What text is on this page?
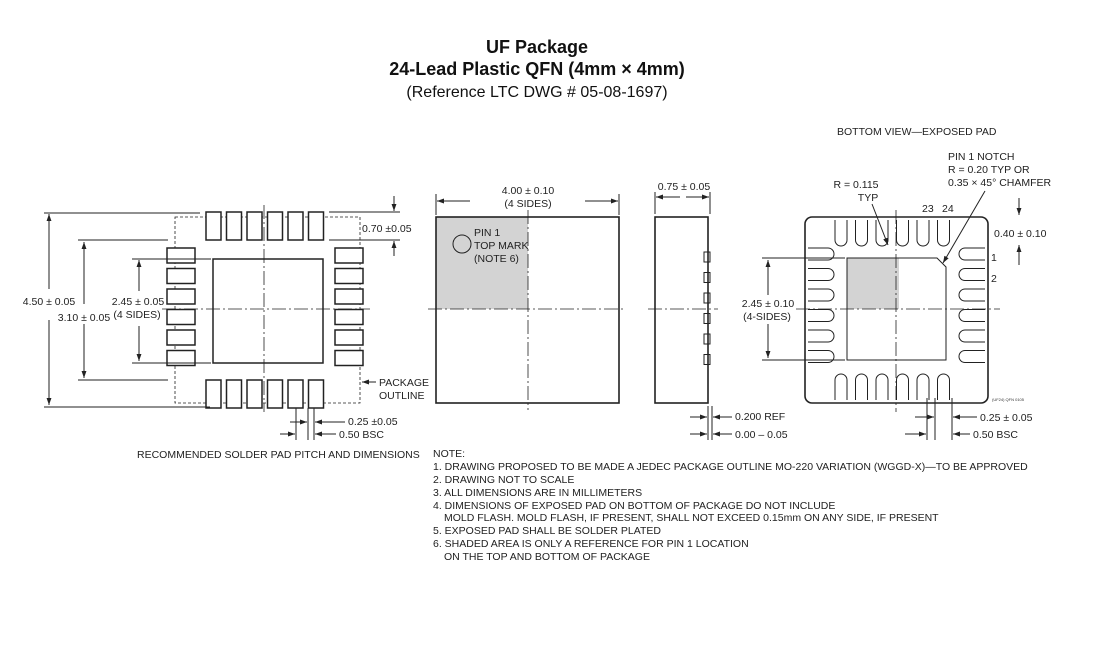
UF Package
24-Lead Plastic QFN (4mm × 4mm)
(Reference LTC DWG # 05-08-1697)
4.50 ± 0.05
3.10 ± 0.05
2.45 ± 0.05
(4 SIDES)
0.70 ±0.05
PACKAGE
OUTLINE
0.25 ±0.05
0.50 BSC
RECOMMENDED SOLDER PAD PITCH AND DIMENSIONS
PIN 1
TOP MARK
(NOTE 6)
4.00 ± 0.10
(4 SIDES)
0.75 ± 0.05
0.200 REF
0.00 – 0.05
BOTTOM VIEW—EXPOSED PAD
PIN 1 NOTCH
R = 0.20 TYP OR
0.35 × 45° CHAMFER
R = 0.115
TYP
23 24
1
2
0.40 ± 0.10
2.45 ± 0.10
(4-SIDES)
0.50 BSC
0.25 ± 0.05
(UF24) QFN 0105
NOTE:
1. DRAWING PROPOSED TO BE MADE A JEDEC PACKAGE OUTLINE MO-220 VARIATION (WGGD-X)—TO BE APPROVED
2. DRAWING NOT TO SCALE
3. ALL DIMENSIONS ARE IN MILLIMETERS
4. DIMENSIONS OF EXPOSED PAD ON BOTTOM OF PACKAGE DO NOT INCLUDE
MOLD FLASH. MOLD FLASH, IF PRESENT, SHALL NOT EXCEED 0.15mm ON ANY SIDE, IF PRESENT
5. EXPOSED PAD SHALL BE SOLDER PLATED
6. SHADED AREA IS ONLY A REFERENCE FOR PIN 1 LOCATION
ON THE TOP AND BOTTOM OF PACKAGE
